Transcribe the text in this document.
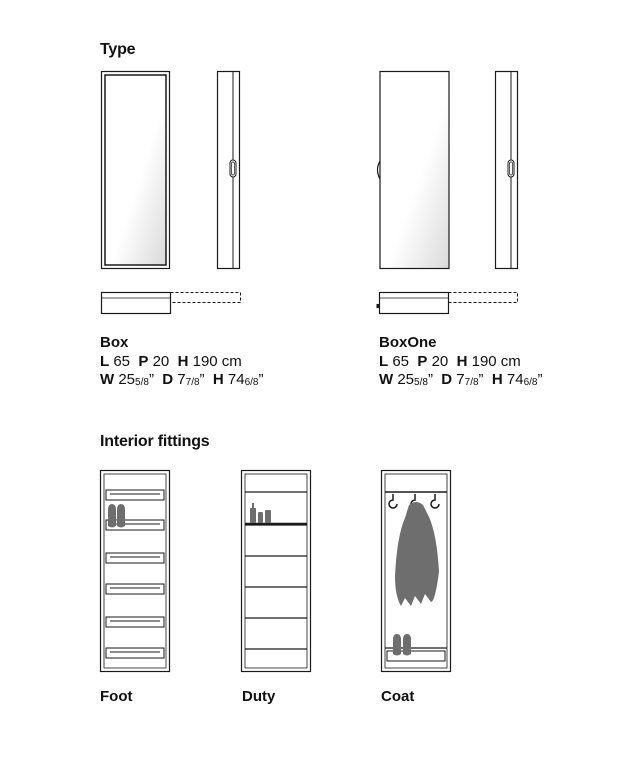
Type
Interior fittings
Box
L 65 P 20 H 190 cm
W 255/8” D 77/8” H 746/8”
BoxOne
L 65 P 20 H 190 cm
W 255/8” D 77/8” H 746/8”
Foot	Duty	Coat
